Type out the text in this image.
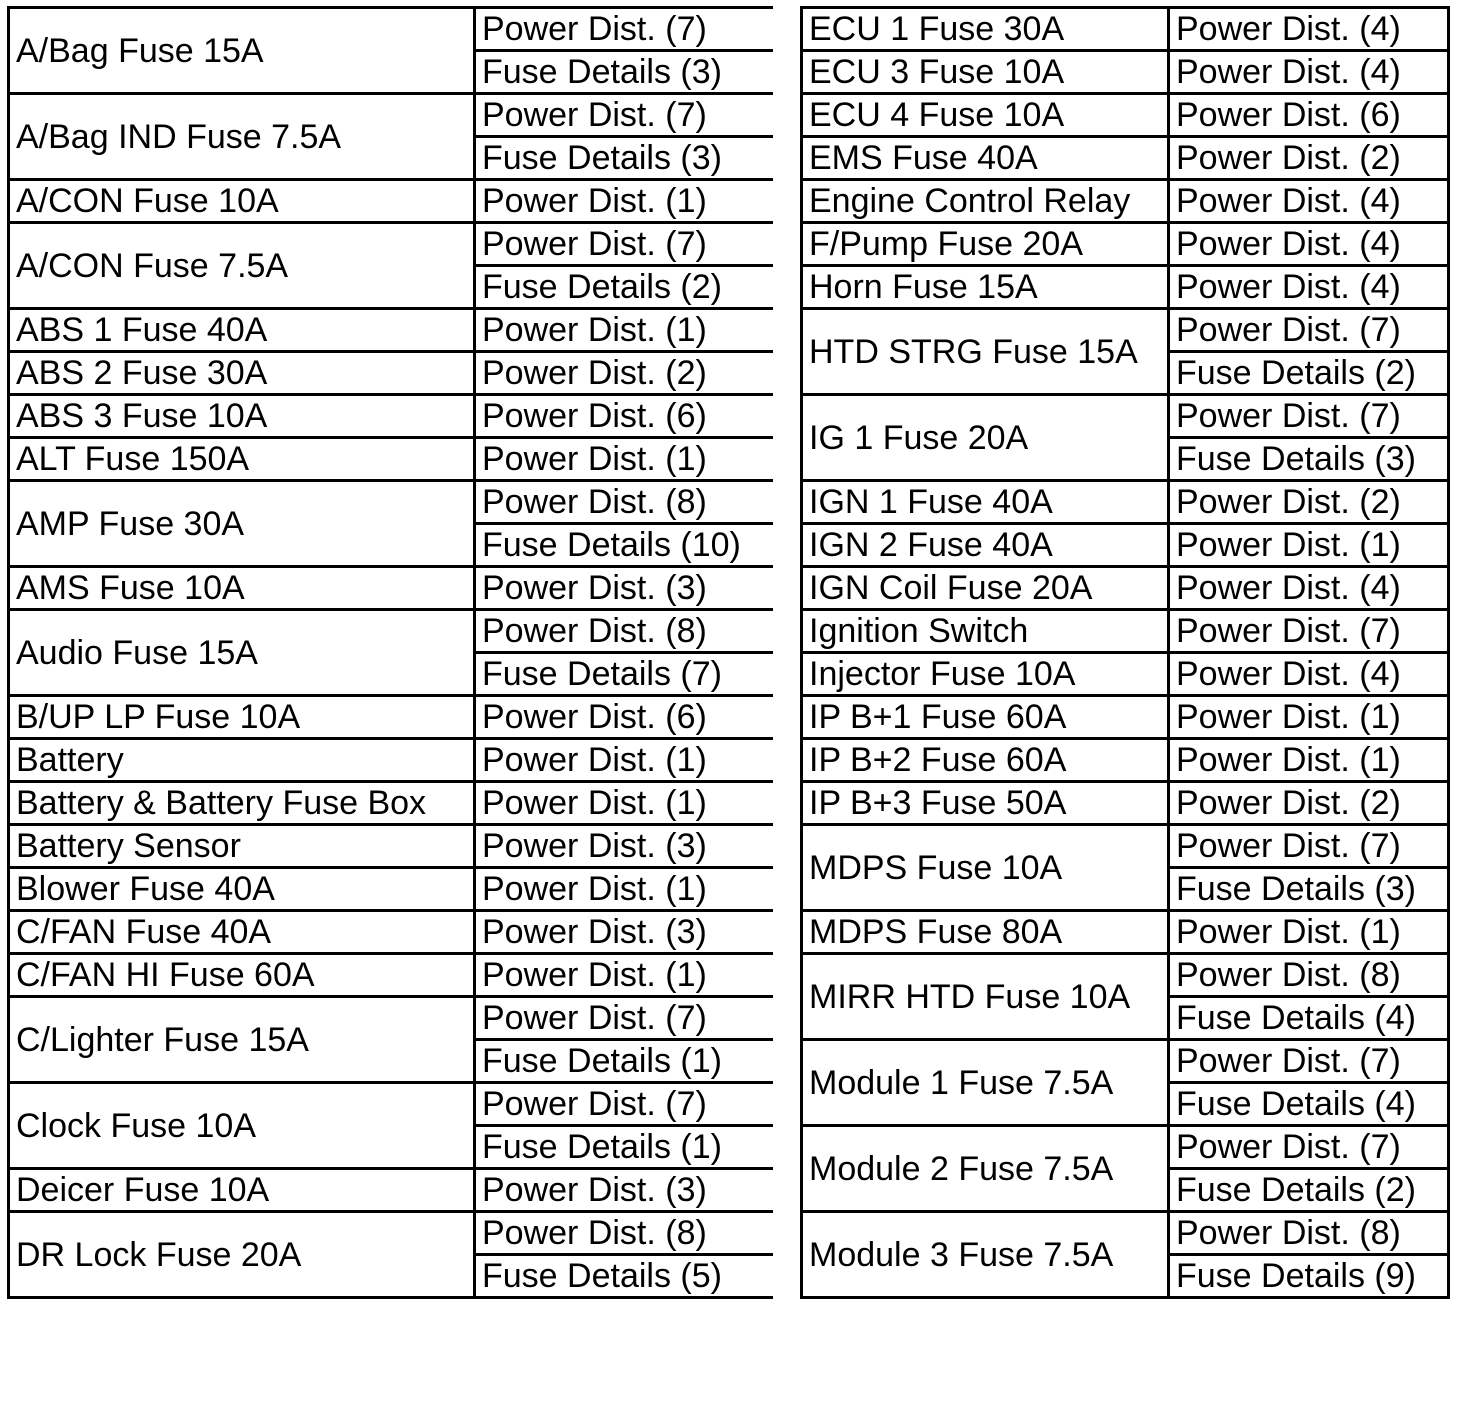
A/Bag Fuse 15A	Power Dist. (7)
	Fuse Details (3)
A/Bag IND Fuse 7.5A	Power Dist. (7)
	Fuse Details (3)
A/CON Fuse 10A	Power Dist. (1)
A/CON Fuse 7.5A	Power Dist. (7)
	Fuse Details (2)
ABS 1 Fuse 40A	Power Dist. (1)
ABS 2 Fuse 30A	Power Dist. (2)
ABS 3 Fuse 10A	Power Dist. (6)
ALT Fuse 150A	Power Dist. (1)
AMP Fuse 30A	Power Dist. (8)
	Fuse Details (10)
AMS Fuse 10A	Power Dist. (3)
Audio Fuse 15A	Power Dist. (8)
	Fuse Details (7)
B/UP LP Fuse 10A	Power Dist. (6)
Battery	Power Dist. (1)
Battery & Battery Fuse Box	Power Dist. (1)
Battery Sensor	Power Dist. (3)
Blower Fuse 40A	Power Dist. (1)
C/FAN Fuse 40A	Power Dist. (3)
C/FAN HI Fuse 60A	Power Dist. (1)
C/Lighter Fuse 15A	Power Dist. (7)
	Fuse Details (1)
Clock Fuse 10A	Power Dist. (7)
	Fuse Details (1)
Deicer Fuse 10A	Power Dist. (3)
DR Lock Fuse 20A	Power Dist. (8)
	Fuse Details (5)
ECU 1 Fuse 30A	Power Dist. (4)
ECU 3 Fuse 10A	Power Dist. (4)
ECU 4 Fuse 10A	Power Dist. (6)
EMS Fuse 40A	Power Dist. (2)
Engine Control Relay	Power Dist. (4)
F/Pump Fuse 20A	Power Dist. (4)
Horn Fuse 15A	Power Dist. (4)
HTD STRG Fuse 15A	Power Dist. (7)
	Fuse Details (2)
IG 1 Fuse 20A	Power Dist. (7)
	Fuse Details (3)
IGN 1 Fuse 40A	Power Dist. (2)
IGN 2 Fuse 40A	Power Dist. (1)
IGN Coil Fuse 20A	Power Dist. (4)
Ignition Switch	Power Dist. (7)
Injector Fuse 10A	Power Dist. (4)
IP B+1 Fuse 60A	Power Dist. (1)
IP B+2 Fuse 60A	Power Dist. (1)
IP B+3 Fuse 50A	Power Dist. (2)
MDPS Fuse 10A	Power Dist. (7)
	Fuse Details (3)
MDPS Fuse 80A	Power Dist. (1)
MIRR HTD Fuse 10A	Power Dist. (8)
	Fuse Details (4)
Module 1 Fuse 7.5A	Power Dist. (7)
	Fuse Details (4)
Module 2 Fuse 7.5A	Power Dist. (7)
	Fuse Details (2)
Module 3 Fuse 7.5A	Power Dist. (8)
	Fuse Details (9)
